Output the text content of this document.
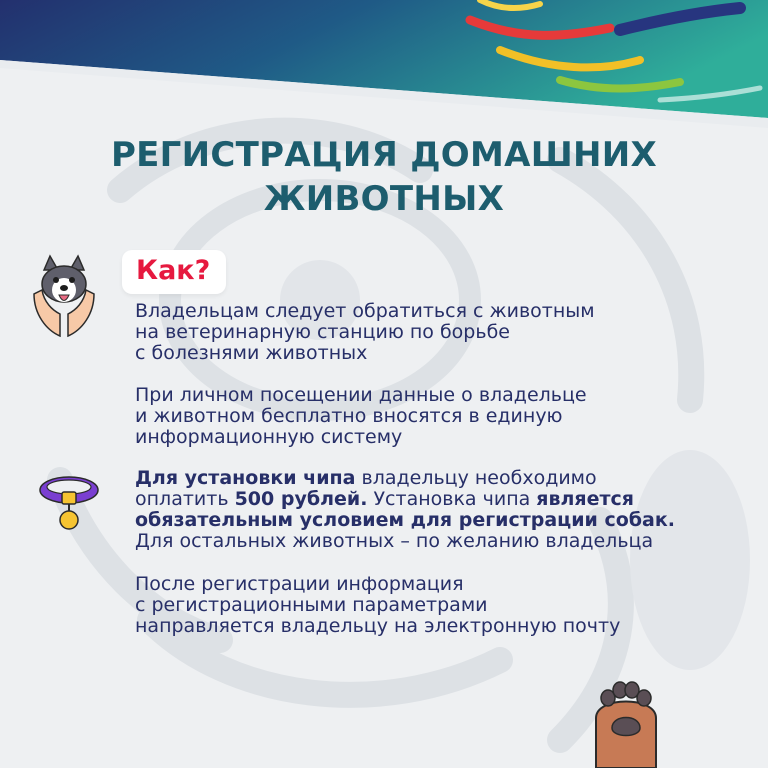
РЕГИСТРАЦИЯ ДОМАШНИХ
ЖИВОТНЫХ
Как?

Владельцам следует обратиться с животным
на ветеринарную станцию по борьбе
с болезнями животных

При личном посещении данные о владельце
и животном бесплатно вносятся в единую
информационную систему

Для установки чипа владельцу необходимо
оплатить 500 рублей. Установка чипа является
обязательным условием для регистрации собак.
Для остальных животных – по желанию владельца

После регистрации информация
с регистрационными параметрами
направляется владельцу на электронную почту
